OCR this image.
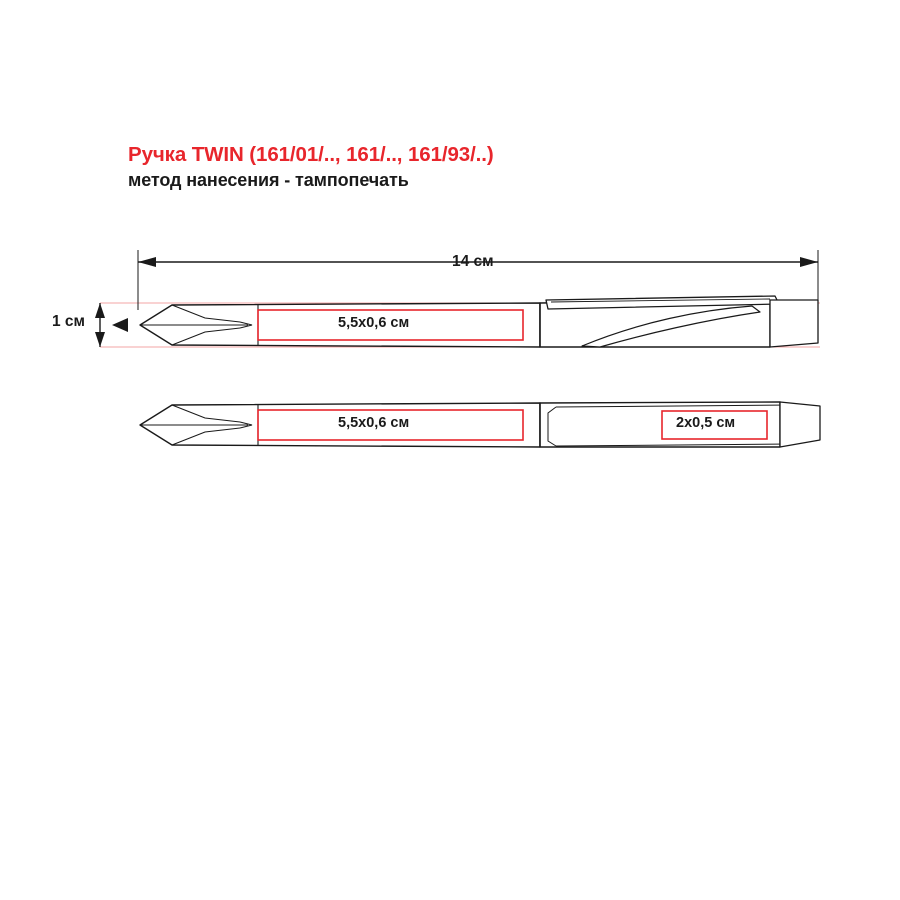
Ручка TWIN (161/01/.., 161/.., 161/93/..)
метод нанесения - тампопечать
14 см
1 см	5,5х0,6 см
5,5х0,6 см	2х0,5 см
